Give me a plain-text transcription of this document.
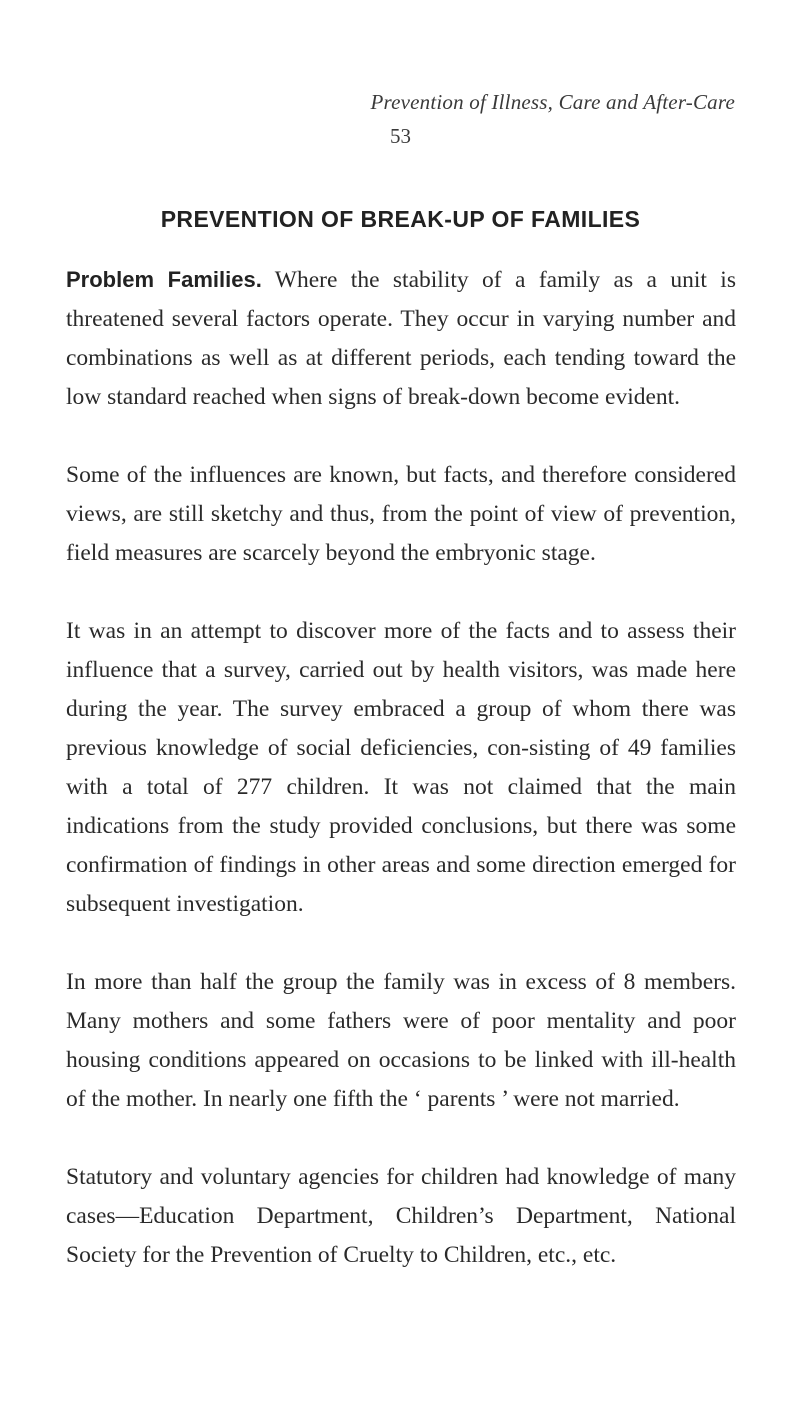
Prevention of Illness, Care and After-Care
53
PREVENTION OF BREAK-UP OF FAMILIES

Problem Families. Where the stability of a family as a unit is threatened several factors operate. They occur in varying number and combinations as well as at different periods, each tending toward the low standard reached when signs of break-down become evident.

Some of the influences are known, but facts, and therefore considered views, are still sketchy and thus, from the point of view of prevention, field measures are scarcely beyond the embryonic stage.

It was in an attempt to discover more of the facts and to assess their influence that a survey, carried out by health visitors, was made here during the year. The survey embraced a group of whom there was previous knowledge of social deficiencies, con-sisting of 49 families with a total of 277 children. It was not claimed that the main indications from the study provided conclusions, but there was some confirmation of findings in other areas and some direction emerged for subsequent investigation.

In more than half the group the family was in excess of 8 members. Many mothers and some fathers were of poor mentality and poor housing conditions appeared on occasions to be linked with ill-health of the mother. In nearly one fifth the ‘ parents ’ were not married.

Statutory and voluntary agencies for children had knowledge of many cases—Education Department, Children’s Department, National Society for the Prevention of Cruelty to Children, etc., etc.
